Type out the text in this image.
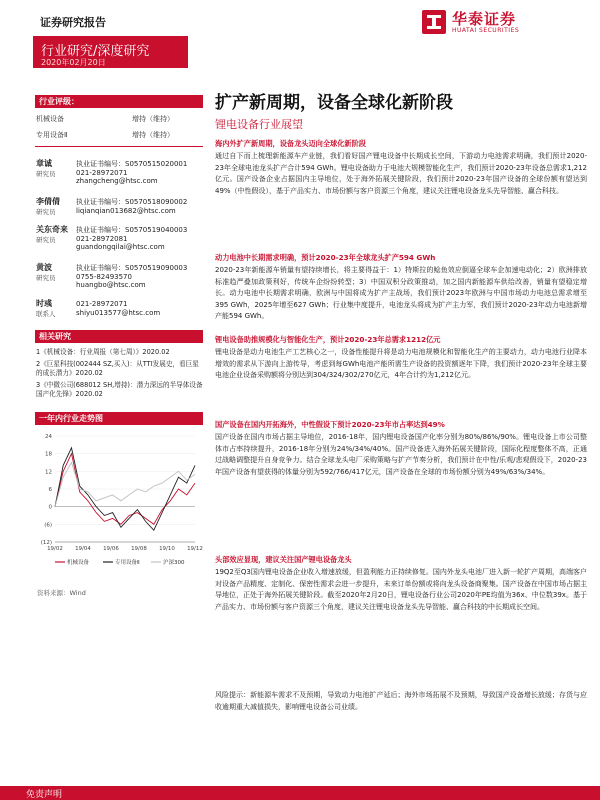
证券研究报告	华泰证券
HUATAI SECURITIES
行业研究/深度研究
2020年02月20日
行业评级：
机械设备	增持（维持）
专用设备Ⅱ	增持（维持）
章诚
研究员
执业证书编号：S0570515020001
021-28972071
zhangcheng@htsc.com
李倩倩
研究员
执业证书编号：S0570518090002
liqianqian013682@htsc.com
关东奇来
研究员
执业证书编号：S0570519040003
021-28972081
guandongqilai@htsc.com
黄波
研究员
执业证书编号：S0570519090003
0755-82493570
huangbo@htsc.com
时彧
联系人
021-28972071
shiyu013577@htsc.com
相关研究
1《机械设备：行业周报（第七周）》2020.02
2《巨星科技(002444 SZ,买入)：从TTI发展史，看巨星的成长潜力》2020.02
3《中微公司(688012 SH,增持)：潜力深远的半导体设备国产化先锋》2020.02
一年内行业走势图
24
18
12
6
0
(6)
(12)
19/02 19/04 19/06 19/08 19/10 19/12
机械设备	专用设备Ⅱ	沪深300
资料来源：Wind
扩产新周期，设备全球化新阶段
锂电设备行业展望
海内外扩产新周期，设备龙头迈向全球化新阶段
通过自下而上梳理新能源车产业链，我们看好国产锂电设备中长期成长空间，下游动力电池需求明确，我们预计2020-23年全球电池龙头扩产合计594 GWh。锂电设备助力于电池大规模智能化生产，我们预计2020-23年设备总需求1,212亿元。国产设备企业占据国内主导地位，处于海外拓展关键阶段，我们预计2020-23年国产设备的全球份额有望达到49%（中性假设），基于产品实力、市场份额与客户资源三个角度，建议关注锂电设备龙头先导智能、赢合科技。
动力电池中长期需求明确，预计2020-23年全球龙头扩产594 GWh
2020-23年新能源车销量有望持续增长，将主要得益于：1）特斯拉的鲶鱼效应倒逼全球车企加速电动化；2）欧洲排放标准趋严叠加政策利好，传统车企纷纷转型；3）中国双积分政策推动，加之国内新能源车供给改善，销量有望稳定增长。动力电池中长期需求明确，欧洲与中国将成为扩产主战场，我们预计2023年欧洲与中国市场动力电池总需求增至395 GWh，2025年增至627 GWh；行业集中度提升，电池龙头将成为扩产主力军，我们预计2020-23年动力电池新增产能594 GWh。
锂电设备助推规模化与智能化生产，预计2020-23年总需求1212亿元
锂电设备是动力电池生产工艺核心之一，设备性能提升将是动力电池规模化和智能化生产的主要动力，动力电池行业降本增效的需求从下游向上游传导，考虑到每GWh电池产能所需生产设备的投资额逐年下降，我们预计2020-23年全球主要电池企业设备采购额将分别达到304/324/302/270亿元，4年合计约为1,212亿元。
国产设备在国内开拓海外，中性假设下预计2020-23年市占率达到49%
国产设备在国内市场占据主导地位，2016-18年，国内锂电设备国产化率分别为80%/86%/90%。锂电设备上市公司整体市占率持续提升，2016-18年分别为24%/34%/40%。国产设备进入海外拓展关键阶段，国际化程度整体不高，正通过战略调整提升自身竞争力。结合全球龙头电厂采购策略与扩产节奏分析，我们预计在中性/乐观/悲观假设下，2020-23年国产设备有望获得的体量分别为592/766/417亿元，国产设备在全球的市场份额分别为49%/63%/34%。
头部效应显现，建议关注国产锂电设备龙头
19Q2至Q3国内锂电设备企业收入增速放缓，但盈利能力正持续修复。国内外龙头电池厂进入新一轮扩产周期，高端客户对设备产品精度、定制化、保密性需求会进一步提升，未来订单份额或将向龙头设备商聚集。国产设备在中国市场占据主导地位，正处于海外拓展关键阶段。截至2020年2月20日，锂电设备行业公司2020年PE均值为36x、中位数39x。基于产品实力、市场份额与客户资源三个角度，建议关注锂电设备龙头先导智能、赢合科技的中长期成长空间。
风险提示：新能源车需求不及预期，导致动力电池扩产延后；海外市场拓展不及预期，导致国产设备增长放缓；存货与应收逾期重大减值损失，影响锂电设备公司业绩。
免责声明
